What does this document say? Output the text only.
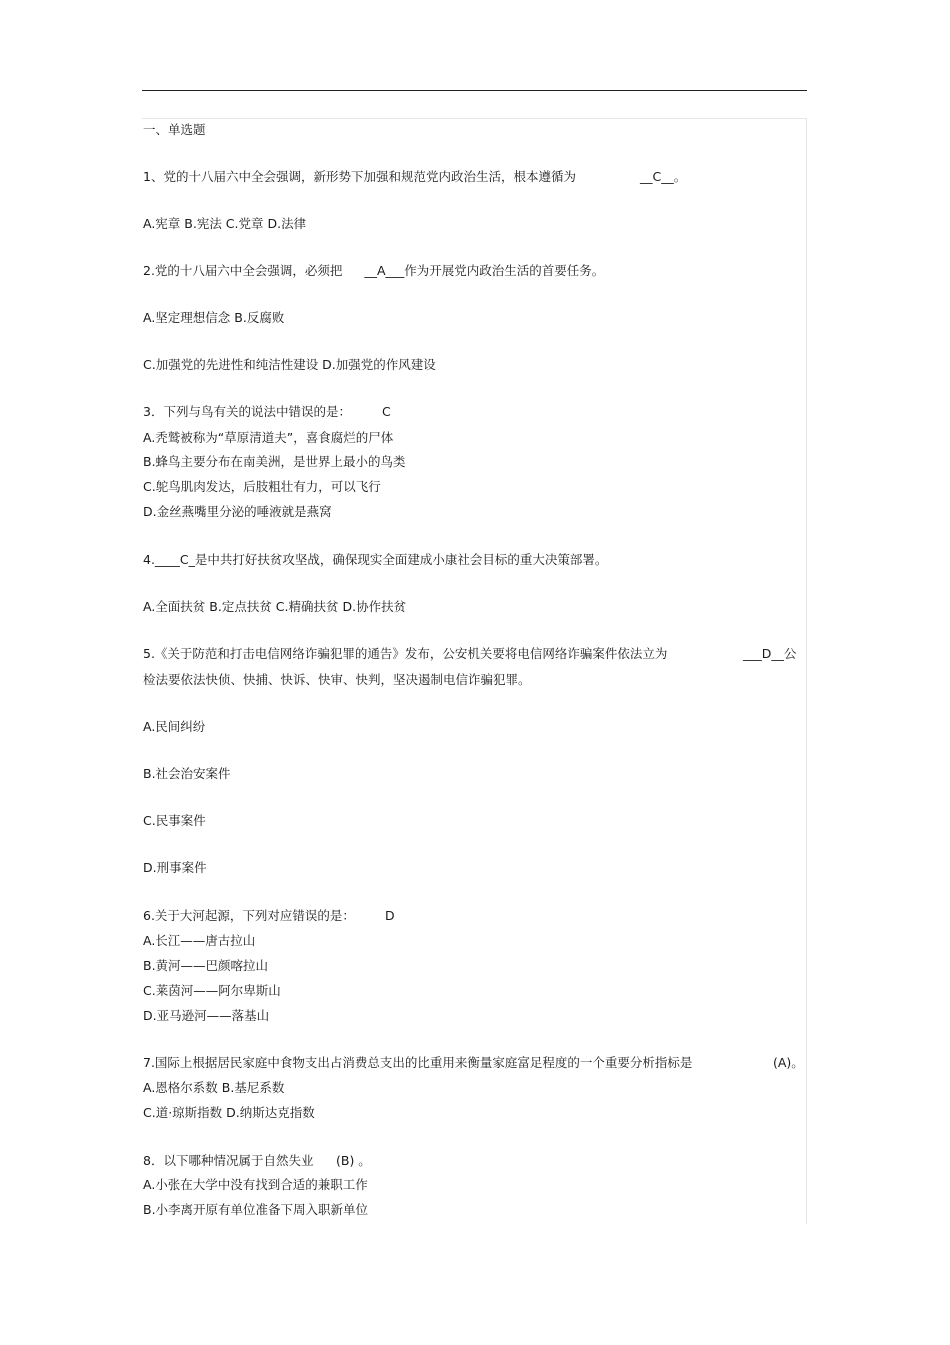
一、单选题

1、党的十八届六中全会强调，新形势下加强和规范党内政治生活，根本遵循为	__C__。

A.宪章 B.宪法 C.党章 D.法律

2.党的十八届六中全会强调，必须把 __A___作为开展党内政治生活的首要任务。

A.坚定理想信念 B.反腐败

C.加强党的先进性和纯洁性建设 D.加强党的作风建设

3．下列与鸟有关的说法中错误的是： C

A.秃鹫被称为“草原清道夫”，喜食腐烂的尸体

B.蜂鸟主要分布在南美洲，是世界上最小的鸟类

C.鸵鸟肌肉发达，后肢粗壮有力，可以飞行

D.金丝燕嘴里分泌的唾液就是燕窝

4.____C_是中共打好扶贫攻坚战，确保现实全面建成小康社会目标的重大决策部署。

A.全面扶贫 B.定点扶贫 C.精确扶贫 D.协作扶贫

5.《关于防范和打击电信网络诈骗犯罪的通告》发布，公安机关要将电信网络诈骗案件依法立为	___D__公

检法要依法快侦、快捕、快诉、快审、快判，坚决遏制电信诈骗犯罪。

A.民间纠纷

B.社会治安案件

C.民事案件

D.刑事案件

6.关于大河起源，下列对应错误的是： D

A.长江——唐古拉山

B.黄河——巴颜喀拉山

C.莱茵河——阿尔卑斯山

D.亚马逊河——落基山

7.国际上根据居民家庭中食物支出占消费总支出的比重用来衡量家庭富足程度的一个重要分析指标是	(A)。

A.恩格尔系数 B.基尼系数

C.道·琼斯指数 D.纳斯达克指数

8．以下哪种情况属于自然失业 (B) 。

A.小张在大学中没有找到合适的兼职工作

B.小李离开原有单位准备下周入职新单位
